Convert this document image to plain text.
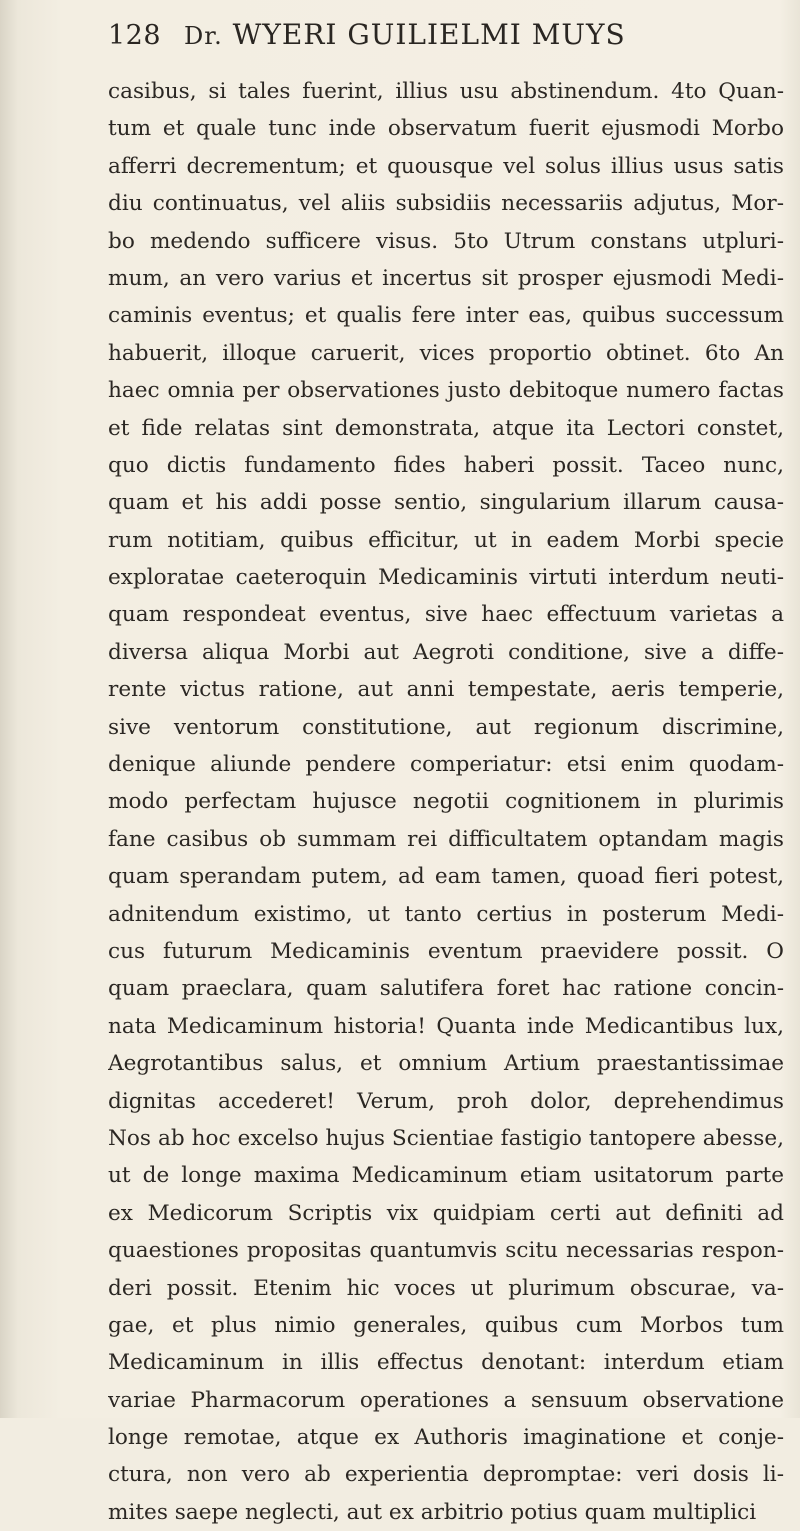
128 Dr. WYERI GUILIELMI MUYS
casibus, si tales fuerint, illius usu abstinendum. 4to Quan-
tum et quale tunc inde observatum fuerit ejusmodi Morbo
afferri decrementum; et quousque vel solus illius usus satis
diu continuatus, vel aliis subsidiis necessariis adjutus, Mor-
bo medendo sufficere visus. 5to Utrum constans utpluri-
mum, an vero varius et incertus sit prosper ejusmodi Medi-
caminis eventus; et qualis fere inter eas, quibus successum
habuerit, illoque caruerit, vices proportio obtinet. 6to An
haec omnia per observationes justo debitoque numero factas
et fide relatas sint demonstrata, atque ita Lectori constet,
quo dictis fundamento fides haberi possit. Taceo nunc,
quam et his addi posse sentio, singularium illarum causa-
rum notitiam, quibus efficitur, ut in eadem Morbi specie
exploratae caeteroquin Medicaminis virtuti interdum neuti-
quam respondeat eventus, sive haec effectuum varietas a
diversa aliqua Morbi aut Aegroti conditione, sive a diffe-
rente victus ratione, aut anni tempestate, aeris temperie,
sive ventorum constitutione, aut regionum discrimine,
denique aliunde pendere comperiatur: etsi enim quodam-
modo perfectam hujusce negotii cognitionem in plurimis
fane casibus ob summam rei difficultatem optandam magis
quam sperandam putem, ad eam tamen, quoad fieri potest,
adnitendum existimo, ut tanto certius in posterum Medi-
cus futurum Medicaminis eventum praevidere possit. O
quam praeclara, quam salutifera foret hac ratione concin-
nata Medicaminum historia! Quanta inde Medicantibus lux,
Aegrotantibus salus, et omnium Artium praestantissimae
dignitas accederet! Verum, proh dolor, deprehendimus
Nos ab hoc excelso hujus Scientiae fastigio tantopere abesse,
ut de longe maxima Medicaminum etiam usitatorum parte
ex Medicorum Scriptis vix quidpiam certi aut definiti ad
quaestiones propositas quantumvis scitu necessarias respon-
deri possit. Etenim hic voces ut plurimum obscurae, va-
gae, et plus nimio generales, quibus cum Morbos tum
Medicaminum in illis effectus denotant: interdum etiam
variae Pharmacorum operationes a sensuum observatione
longe remotae, atque ex Authoris imaginatione et conje-
ctura, non vero ab experientia depromptae: veri dosis li-
mites saepe neglecti, aut ex arbitrio potius quam multiplici
